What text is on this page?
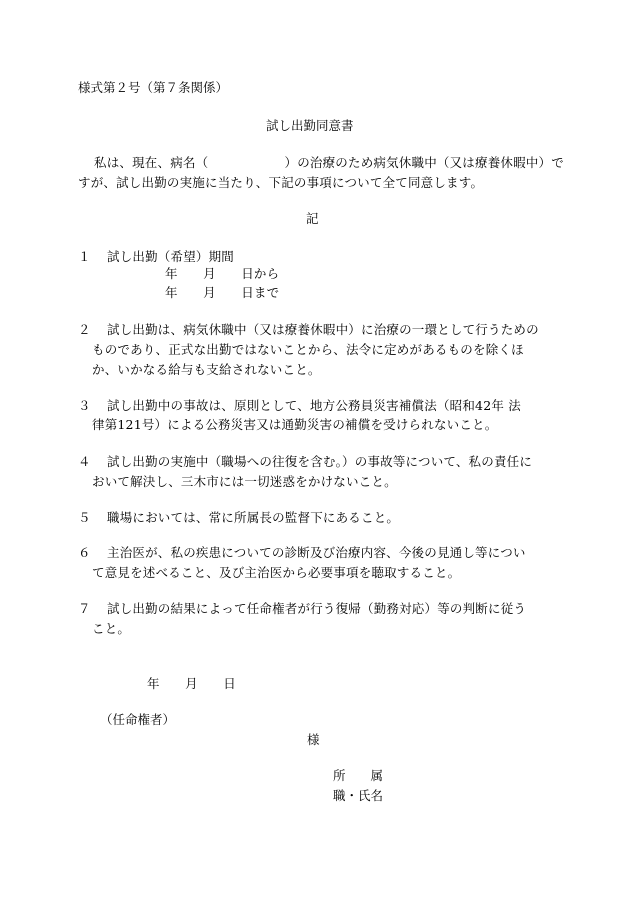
様式第２号（第７条関係）
試し出勤同意書
私は、現在、病名（　　　　　　）の治療のため病気休職中（又は療養休暇中）で
すが、試し出勤の実施に当たり、下記の事項について全て同意します。
記
１ 試し出勤（希望）期間
年　　月　　日から
年　　月　　日まで
２ 試し出勤は、病気休職中（又は療養休暇中）に治療の一環として行うための
ものであり、正式な出勤ではないことから、法令に定めがあるものを除くほ
か、いかなる給与も支給されないこと。
３ 試し出勤中の事故は、原則として、地方公務員災害補償法（昭和42年 法
律第121号）による公務災害又は通勤災害の補償を受けられないこと。
４ 試し出勤の実施中（職場への往復を含む。）の事故等について、私の責任に
おいて解決し、三木市には一切迷惑をかけないこと。
５ 職場においては、常に所属長の監督下にあること。
６ 主治医が、私の疾患についての診断及び治療内容、今後の見通し等につい
て意見を述べること、及び主治医から必要事項を聴取すること。
７ 試し出勤の結果によって任命権者が行う復帰（勤務対応）等の判断に従う
こと。
年　　月　　日
（任命権者）
様
所　　属
職・氏名
